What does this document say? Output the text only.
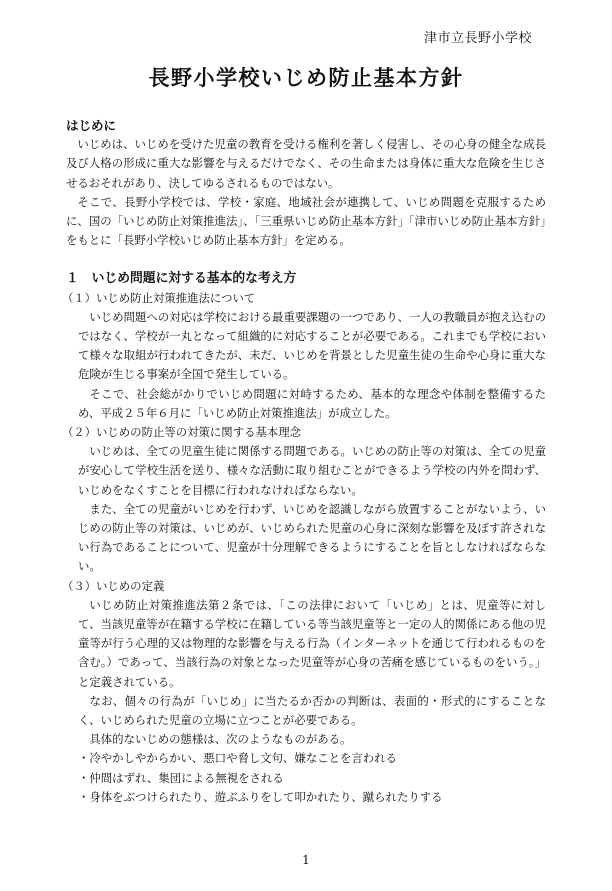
津市立長野小学校
長野小学校いじめ防止基本方針
はじめに

いじめは、いじめを受けた児童の教育を受ける権利を著しく侵害し、その心身の健全な成長及び人格の形成に重大な影響を与えるだけでなく、その生命または身体に重大な危険を生じさせるおそれがあり、決してゆるされるものではない。

そこで、長野小学校では、学校・家庭、地域社会が連携して、いじめ問題を克服するために、国の「いじめ防止対策推進法」、「三重県いじめ防止基本方針」「津市いじめ防止基本方針」をもとに「長野小学校いじめ防止基本方針」を定める。

１　いじめ問題に対する基本的な考え方
（１）いじめ防止対策推進法について

いじめ問題への対応は学校における最重要課題の一つであり、一人の教職員が抱え込むのではなく、学校が一丸となって組織的に対応することが必要である。これまでも学校において様々な取組が行われてきたが、未だ、いじめを背景とした児童生徒の生命や心身に重大な危険が生じる事案が全国で発生している。

そこで、社会総がかりでいじめ問題に対峙するため、基本的な理念や体制を整備するため、平成２５年６月に「いじめ防止対策推進法」が成立した。

（２）いじめの防止等の対策に関する基本理念

いじめは、全ての児童生徒に関係する問題である。いじめの防止等の対策は、全ての児童が安心して学校生活を送り、様々な活動に取り組むことができるよう学校の内外を問わず、いじめをなくすことを目標に行われなければならない。

また、全ての児童がいじめを行わず、いじめを認識しながら放置することがないよう、いじめの防止等の対策は、いじめが、いじめられた児童の心身に深刻な影響を及ぼす許されない行為であることについて、児童が十分理解できるようにすることを旨としなければならない。

（３）いじめの定義

いじめ防止対策推進法第２条では、「この法律において「いじめ」とは、児童等に対して、当該児童等が在籍する学校に在籍している等当該児童等と一定の人的関係にある他の児童等が行う心理的又は物理的な影響を与える行為（インターネットを通じて行われるものを含む。）であって、当該行為の対象となった児童等が心身の苦痛を感じているものをいう。」と定義されている。

なお、個々の行為が「いじめ」に当たるか否かの判断は、表面的・形式的にすることなく、いじめられた児童の立場に立つことが必要である。

具体的ないじめの態様は、次のようなものがある。

・冷やかしやからかい、悪口や脅し文句、嫌なことを言われる
・仲間はずれ、集団による無視をされる
・身体をぶつけられたり、遊ぶふりをして叩かれたり、蹴られたりする
1
